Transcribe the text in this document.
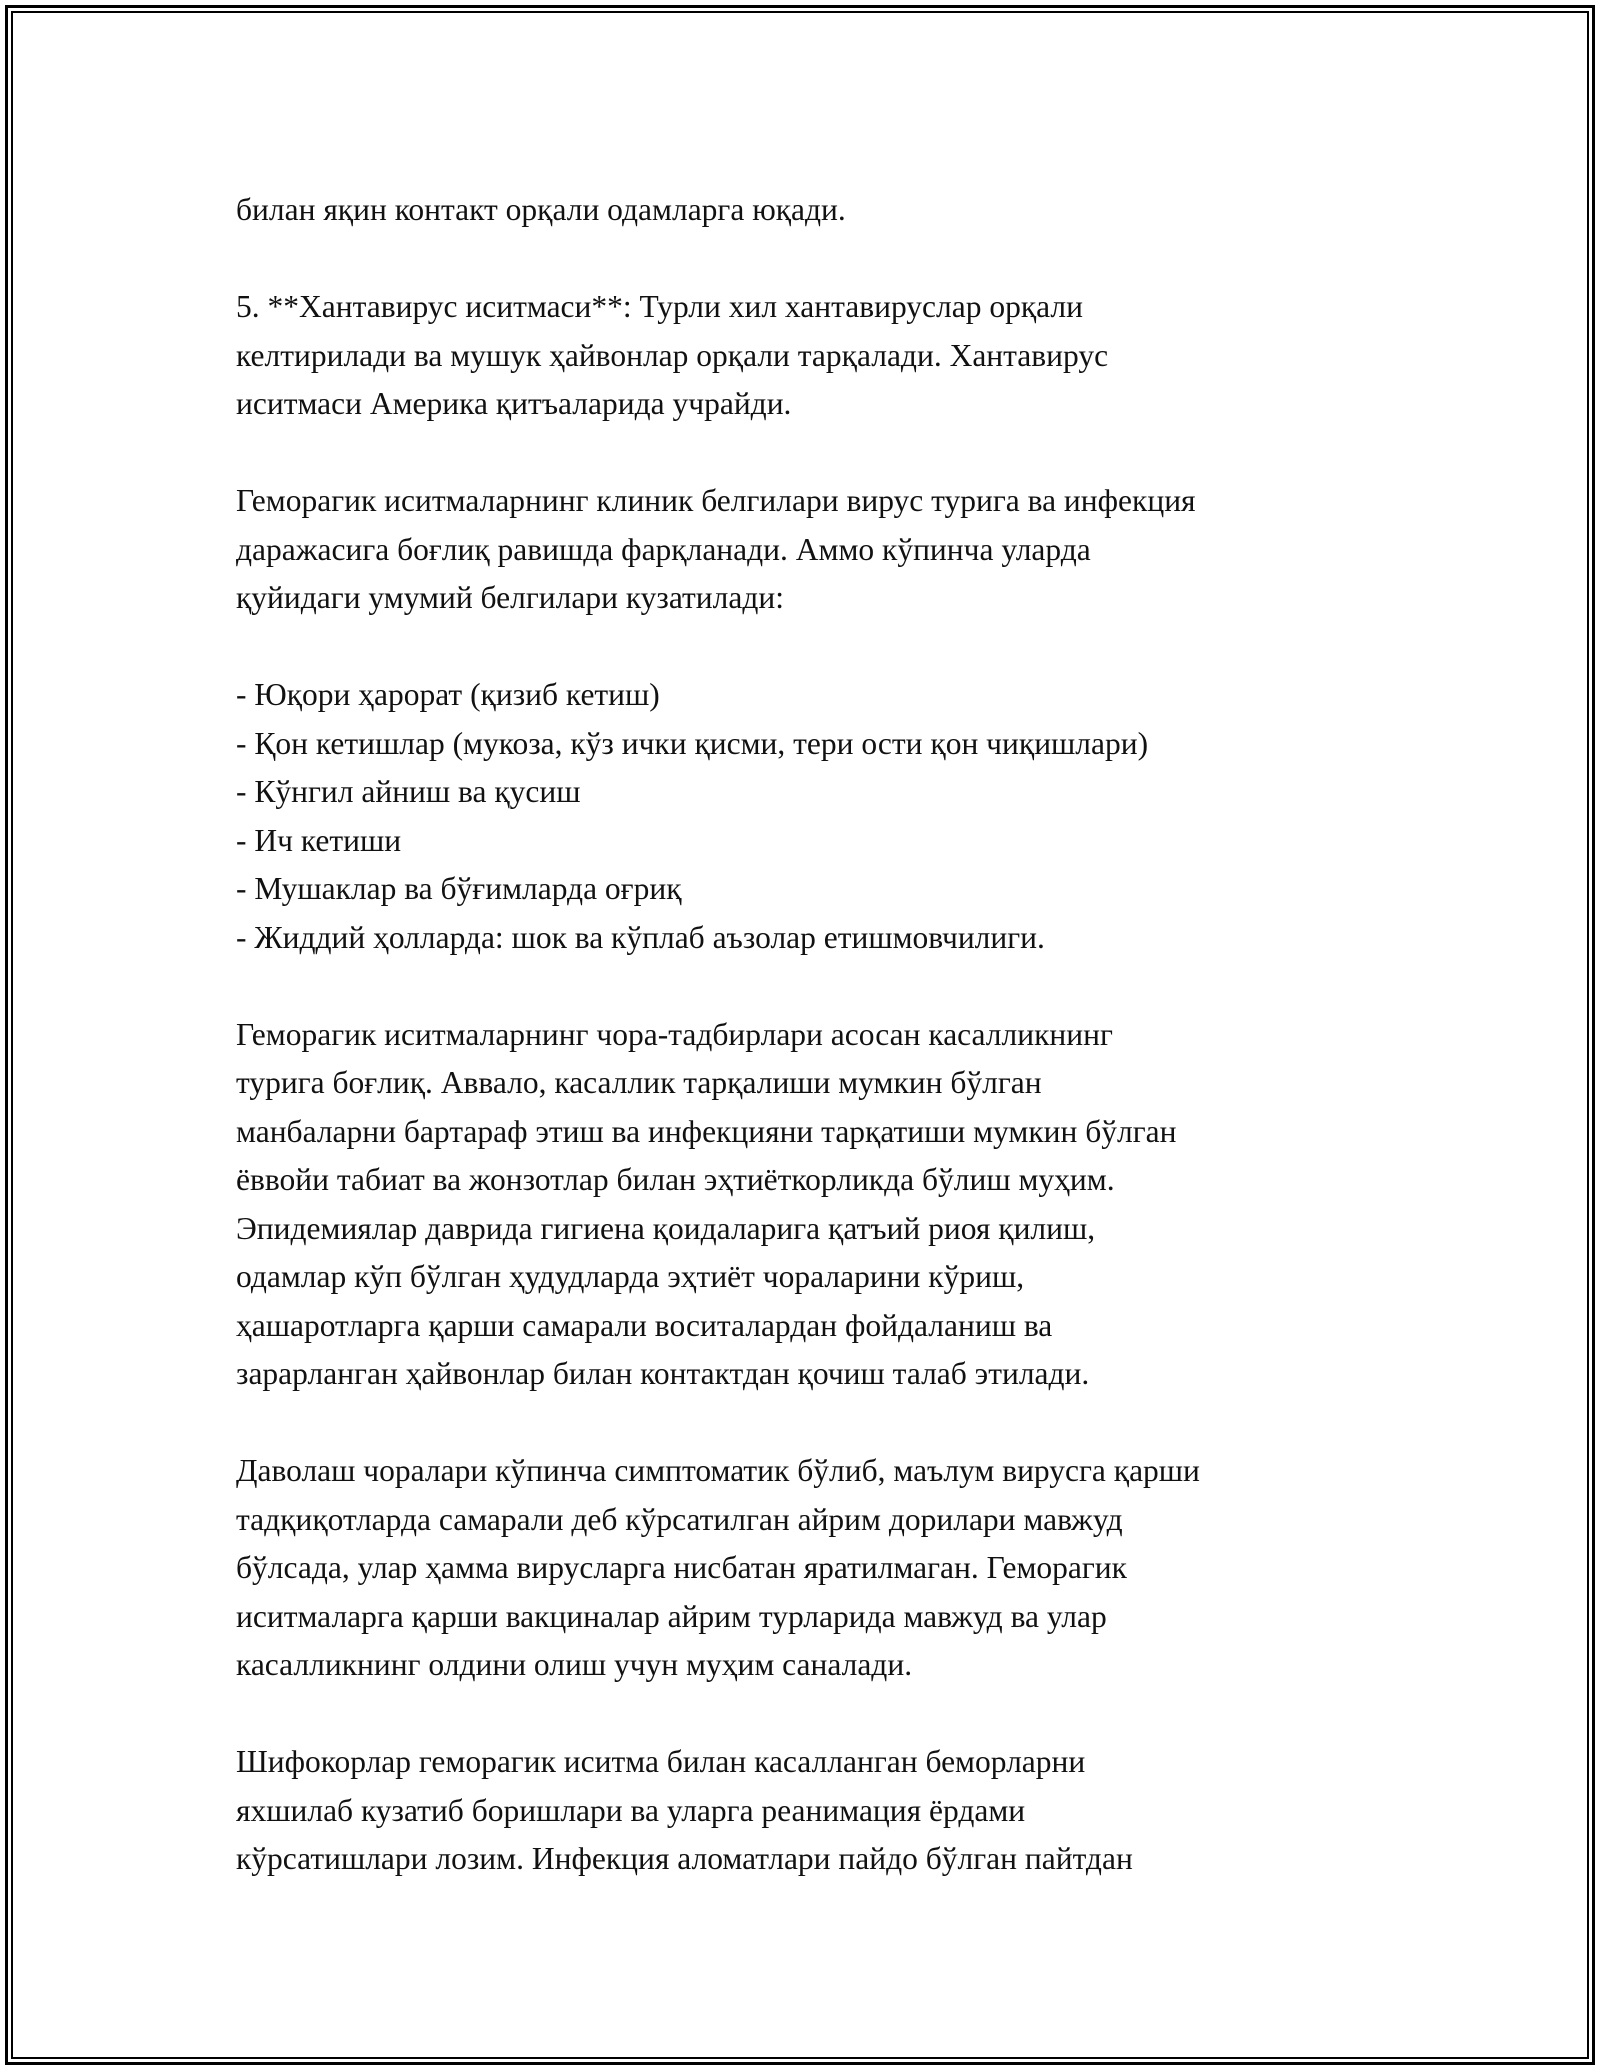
билан яқин контакт орқали одамларга юқади.

5. **Хантавирус иситмаси**: Турли хил хантавируслар орқали
келтирилади ва мушук ҳайвонлар орқали тарқалади. Хантавирус
иситмаси Америка қитъаларида учрайди.

Геморагик иситмаларнинг клиник белгилари вирус турига ва инфекция
даражасига боғлиқ равишда фарқланади. Аммо кўпинча уларда
қуйидаги умумий белгилари кузатилади:

- Юқори ҳарорат (қизиб кетиш)
- Қон кетишлар (мукоза, кўз ички қисми, тери ости қон чиқишлари)
- Кўнгил айниш ва қусиш
- Ич кетиши
- Мушаклар ва бўғимларда оғриқ
- Жиддий ҳолларда: шок ва кўплаб аъзолар етишмовчилиги.

Геморагик иситмаларнинг чора-тадбирлари асосан касалликнинг
турига боғлиқ. Аввало, касаллик тарқалиши мумкин бўлган
манбаларни бартараф этиш ва инфекцияни тарқатиши мумкин бўлган
ёввойи табиат ва жонзотлар билан эҳтиёткорликда бўлиш муҳим.
Эпидемиялар даврида гигиена қоидаларига қатъий риоя қилиш,
одамлар кўп бўлган ҳудудларда эҳтиёт чораларини кўриш,
ҳашаротларга қарши самарали воситалардан фойдаланиш ва
зарарланган ҳайвонлар билан контактдан қочиш талаб этилади.

Даволаш чоралари кўпинча симптоматик бўлиб, маълум вирусга қарши
тадқиқотларда самарали деб кўрсатилган айрим дорилари мавжуд
бўлсада, улар ҳамма вирусларга нисбатан яратилмаган. Геморагик
иситмаларга қарши вакциналар айрим турларида мавжуд ва улар
касалликнинг олдини олиш учун муҳим саналади.

Шифокорлар геморагик иситма билан касалланган беморларни
яхшилаб кузатиб боришлари ва уларга реанимация ёрдами
кўрсатишлари лозим. Инфекция аломатлари пайдо бўлган пайтдан
